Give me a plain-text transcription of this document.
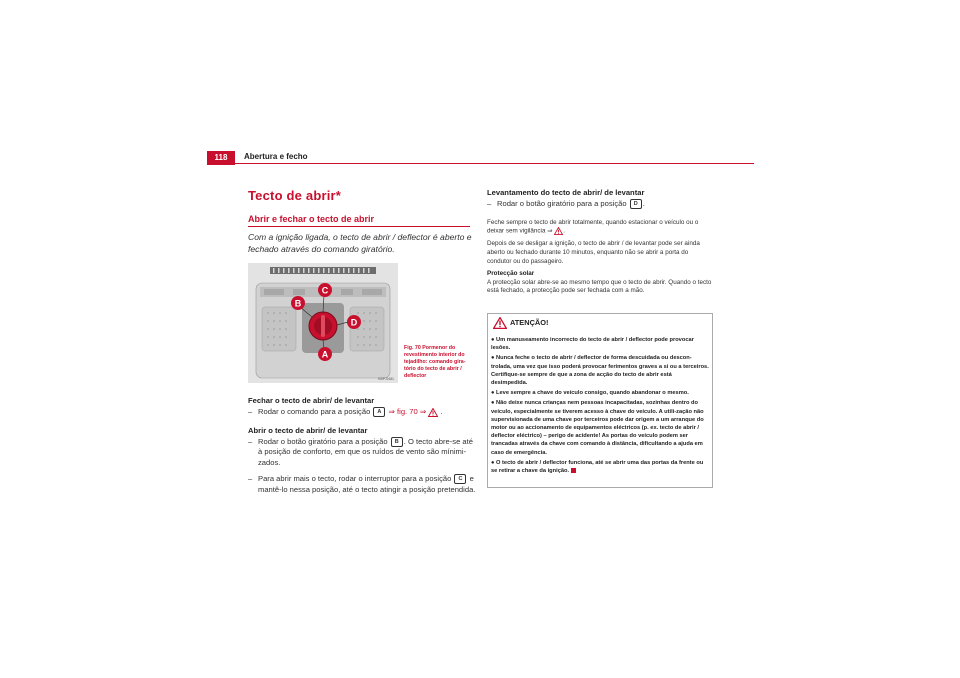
118	Abertura e fecho
Tecto de abrir*
Abrir e fechar o tecto de abrir
Com a ignição ligada, o tecto de abrir / deflector é aberto e fechado através do comando giratório.
B
C
D
A
B5P-0481
Fig. 70 Pormenor do revestimento interior do tejadilho: comando gira-tório do tecto de abrir / deflector
Fechar o tecto de abrir/ de levantar
– Rodar o comando para a posição A ⇒ fig. 70 ⇒ .
Abrir o tecto de abrir/ de levantar
– Rodar o botão giratório para a posição B . O tecto abre-se até à posição de conforto, em que os ruídos de vento são mínimi-zados.
– Para abrir mais o tecto, rodar o interruptor para a posição C e mantê-lo nessa posição, até o tecto atingir a posição pretendida.
Levantamento do tecto de abrir/ de levantar
– Rodar o botão giratório para a posição D .
Feche sempre o tecto de abrir totalmente, quando estacionar o veículo ou o deixar sem vigilância ⇒ .
Depois de se desligar a ignição, o tecto de abrir / de levantar pode ser ainda aberto ou fechado durante 10 minutos, enquanto não se abrir a porta do condutor ou do passageiro.
Protecção solar
A protecção solar abre-se ao mesmo tempo que o tecto de abrir. Quando o tecto está fechado, a protecção pode ser fechada com a mão.
ATENÇÃO!
● Um manuseamento incorrecto do tecto de abrir / deflector pode provocar lesões.
● Nunca feche o tecto de abrir / deflector de forma descuidada ou descon-trolada, uma vez que isso poderá provocar ferimentos graves a si ou a terceiros. Certifique-se sempre de que a zona de acção do tecto de abrir está desimpedida.
● Leve sempre a chave do veículo consigo, quando abandonar o mesmo.
● Não deixe nunca crianças nem pessoas incapacitadas, sozinhas dentro do veículo, especialmente se tiverem acesso à chave do veículo. A utili-zação não supervisionada de uma chave por terceiros pode dar origem a um arranque do motor ou ao accionamento de equipamentos eléctricos (p. ex. tecto de abrir / deflector eléctrico) – perigo de acidente! As portas do veículo podem ser trancadas através da chave com comando à distância, dificultando a ajuda em caso de emergência.
● O tecto de abrir / deflector funciona, até se abrir uma das portas da frente ou se retirar a chave da ignição.
